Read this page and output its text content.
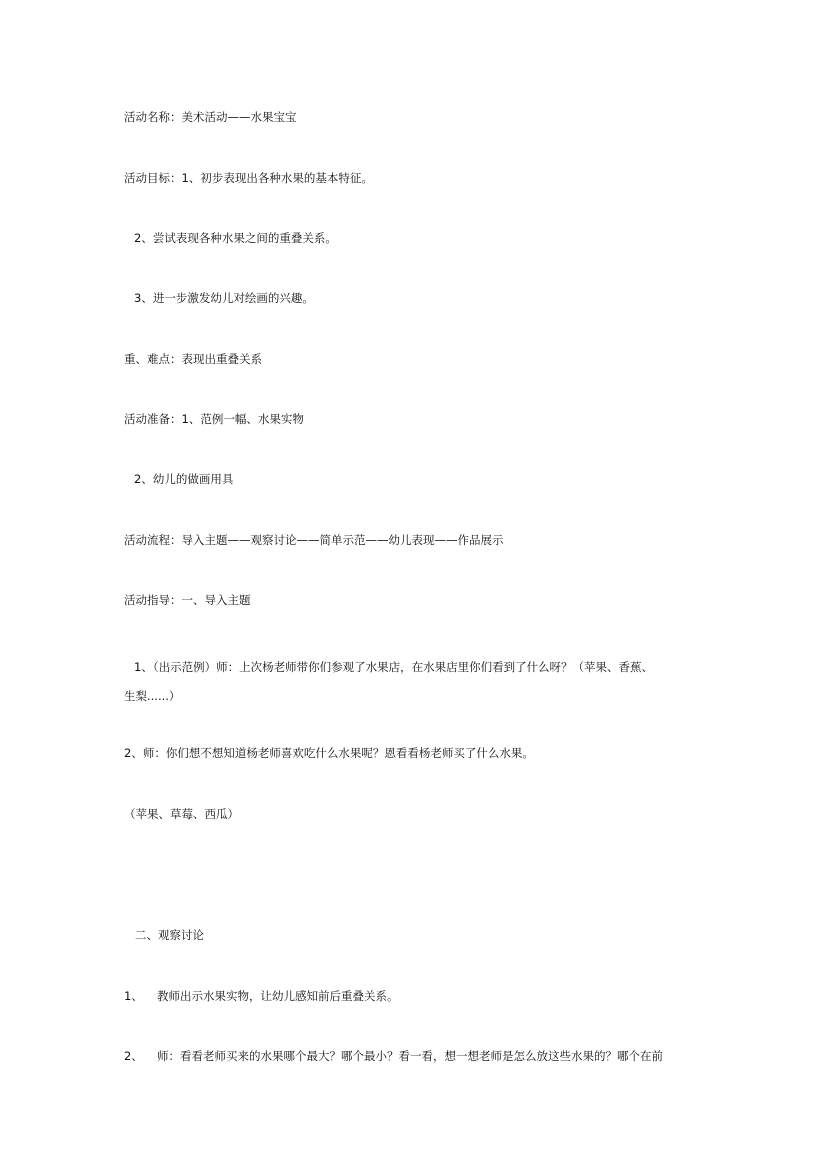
活动名称：美术活动——水果宝宝
活动目标：1、初步表现出各种水果的基本特征。
2、尝试表现各种水果之间的重叠关系。
3、进一步激发幼儿对绘画的兴趣。
重、难点：表现出重叠关系
活动准备：1、范例一幅、水果实物
2、幼儿的做画用具
活动流程：导入主题——观察讨论——简单示范——幼儿表现——作品展示
活动指导：一、导入主题
1、（出示范例）师：上次杨老师带你们参观了水果店，在水果店里你们看到了什么呀？（苹果、香蕉、
生梨......）
2、师：你们想不想知道杨老师喜欢吃什么水果呢？恩看看杨老师买了什么水果。
（苹果、草莓、西瓜）
二、观察讨论
1、 教师出示水果实物，让幼儿感知前后重叠关系。
2、 师：看看老师买来的水果哪个最大？哪个最小？看一看，想一想老师是怎么放这些水果的？哪个在前
